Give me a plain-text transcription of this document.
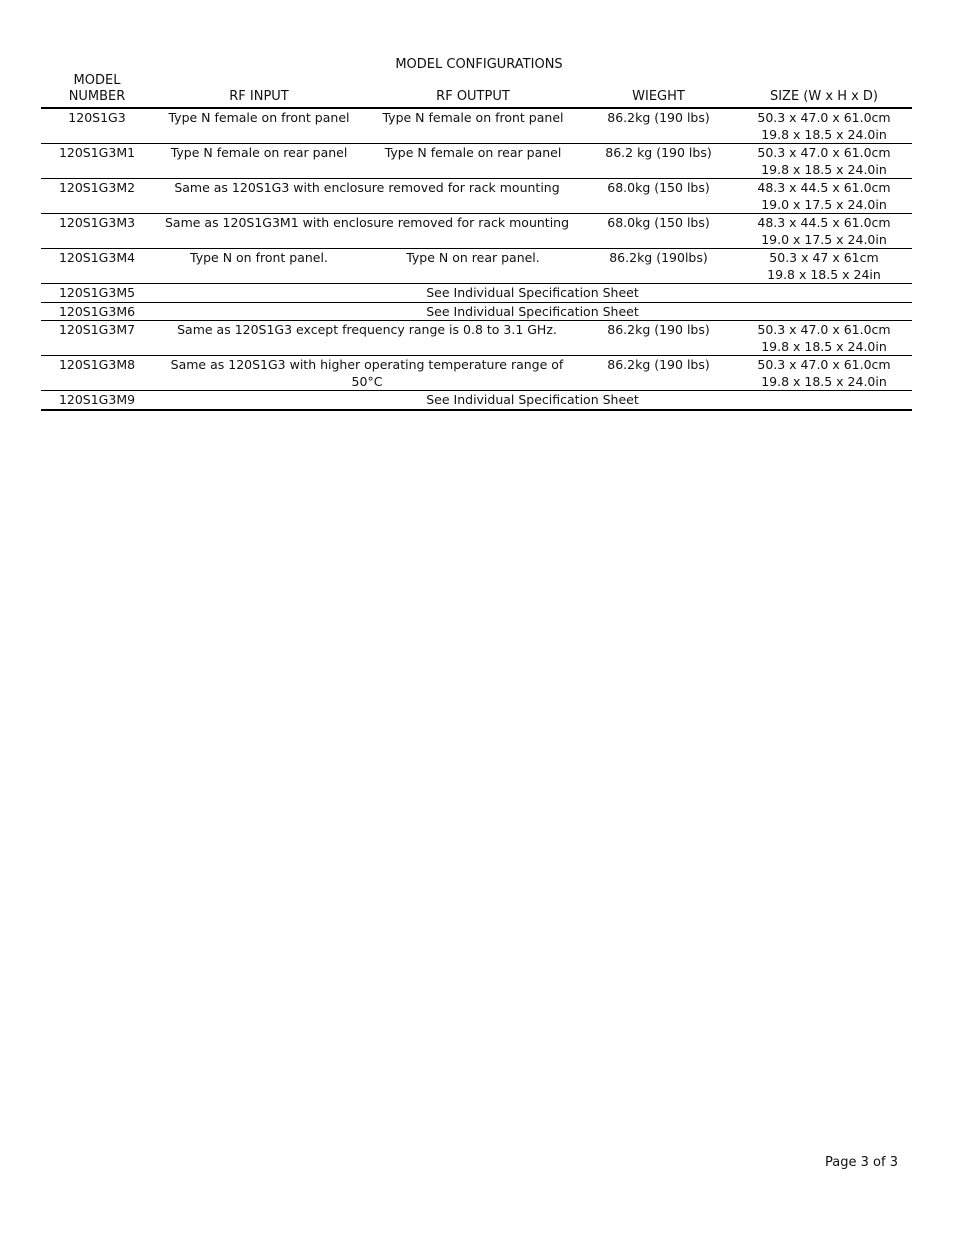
MODEL CONFIGURATIONS
MODEL
NUMBER	RF INPUT	RF OUTPUT	WIEGHT	SIZE (W x H x D)
120S1G3	Type N female on front panel	Type N female on front panel	86.2kg (190 lbs)	50.3 x 47.0 x 61.0cm
19.8 x 18.5 x 24.0in

120S1G3M1	Type N female on rear panel	Type N female on rear panel	86.2 kg (190 lbs)	50.3 x 47.0 x 61.0cm
19.8 x 18.5 x 24.0in

120S1G3M2	Same as 120S1G3 with enclosure removed for rack mounting		68.0kg (150 lbs)	48.3 x 44.5 x 61.0cm
19.0 x 17.5 x 24.0in

120S1G3M3	Same as 120S1G3M1 with enclosure removed for rack mounting		68.0kg (150 lbs)	48.3 x 44.5 x 61.0cm
19.0 x 17.5 x 24.0in

120S1G3M4	Type N on front panel.	Type N on rear panel.	86.2kg (190lbs)	50.3 x 47 x 61cm
19.8 x 18.5 x 24in

120S1G3M5	See Individual Specification Sheet			
120S1G3M6	See Individual Specification Sheet			
120S1G3M7	Same as 120S1G3 except frequency range is 0.8 to 3.1 GHz.		86.2kg (190 lbs)	50.3 x 47.0 x 61.0cm
19.8 x 18.5 x 24.0in

120S1G3M8	Same as 120S1G3 with higher operating temperature range of 50°C		86.2kg (190 lbs)	50.3 x 47.0 x 61.0cm
19.8 x 18.5 x 24.0in

120S1G3M9	See Individual Specification Sheet			
Page 3 of 3
